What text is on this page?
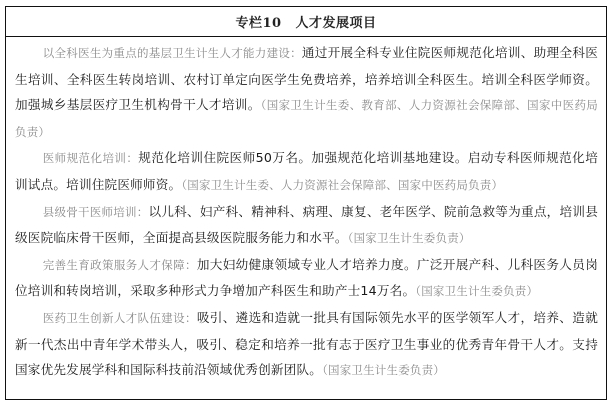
专栏10 人才发展项目

以全科医生为重点的基层卫生计生人才能力建设：通过开展全科专业住院医师规范化培训、助理全科医生培训、全科医生转岗培训、农村订单定向医学生免费培养，培养培训全科医生。培训全科医学师资。加强城乡基层医疗卫生机构骨干人才培训。（国家卫生计生委、教育部、人力资源社会保障部、国家中医药局负责）

医师规范化培训：规范化培训住院医师50万名。加强规范化培训基地建设。启动专科医师规范化培训试点。培训住院医师师资。（国家卫生计生委、人力资源社会保障部、国家中医药局负责）

县级骨干医师培训：以儿科、妇产科、精神科、病理、康复、老年医学、院前急救等为重点，培训县级医院临床骨干医师，全面提高县级医院服务能力和水平。（国家卫生计生委负责）

完善生育政策服务人才保障：加大妇幼健康领域专业人才培养力度。广泛开展产科、儿科医务人员岗位培训和转岗培训，采取多种形式力争增加产科医生和助产士14万名。（国家卫生计生委负责）

医药卫生创新人才队伍建设：吸引、遴选和造就一批具有国际领先水平的医学领军人才，培养、造就新一代杰出中青年学术带头人，吸引、稳定和培养一批有志于医疗卫生事业的优秀青年骨干人才。支持国家优先发展学科和国际科技前沿领域优秀创新团队。（国家卫生计生委负责）
